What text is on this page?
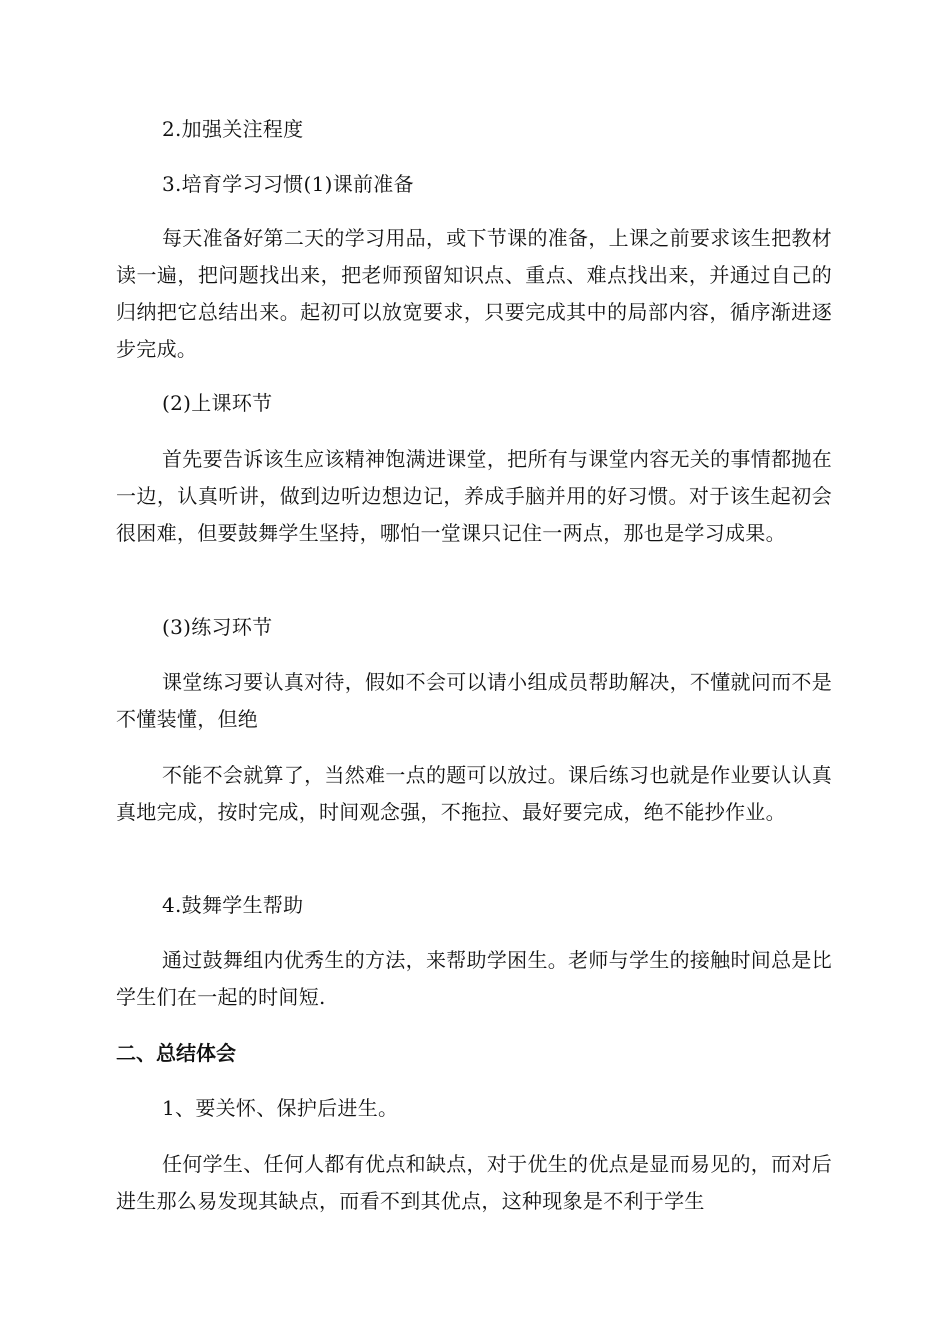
2.加强关注程度

3.培育学习习惯(1)课前准备

每天准备好第二天的学习用品，或下节课的准备，上课之前要求该生把教材读一遍，把问题找出来，把老师预留知识点、重点、难点找出来，并通过自己的归纳把它总结出来。起初可以放宽要求，只要完成其中的局部内容，循序渐进逐步完成。

(2)上课环节

首先要告诉该生应该精神饱满进课堂，把所有与课堂内容无关的事情都抛在一边，认真听讲，做到边听边想边记，养成手脑并用的好习惯。对于该生起初会很困难，但要鼓舞学生坚持，哪怕一堂课只记住一两点，那也是学习成果。

(3)练习环节

课堂练习要认真对待，假如不会可以请小组成员帮助解决，不懂就问而不是不懂装懂，但绝

不能不会就算了，当然难一点的题可以放过。课后练习也就是作业要认认真真地完成，按时完成，时间观念强，不拖拉、最好要完成，绝不能抄作业。

4.鼓舞学生帮助

通过鼓舞组内优秀生的方法，来帮助学困生。老师与学生的接触时间总是比学生们在一起的时间短.

二、总结体会

1、要关怀、保护后进生。

任何学生、任何人都有优点和缺点，对于优生的优点是显而易见的，而对后进生那么易发现其缺点，而看不到其优点，这种现象是不利于学生
